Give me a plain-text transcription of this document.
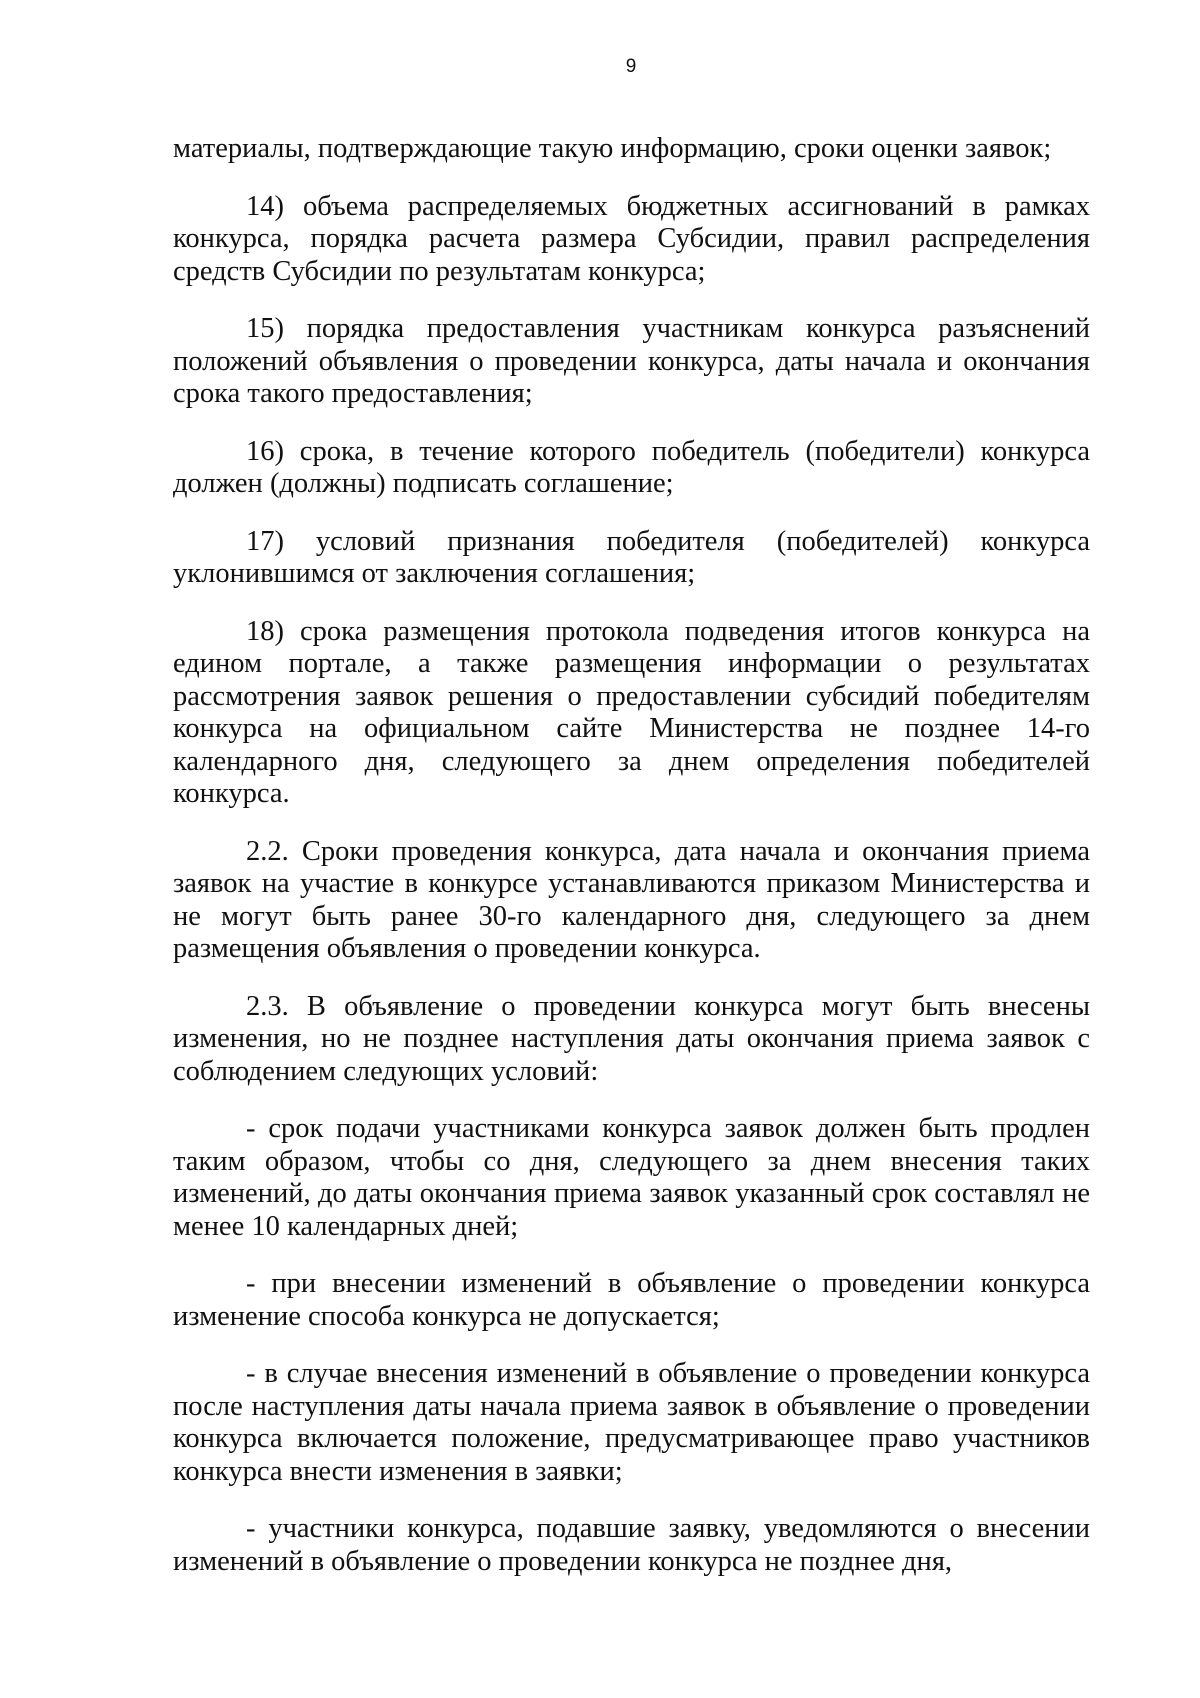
9

материалы, подтверждающие такую информацию, сроки оценки заявок;

14) объема распределяемых бюджетных ассигнований в рамках конкурса, порядка расчета размера Субсидии, правил распределения средств Субсидии по результатам конкурса;

15) порядка предоставления участникам конкурса разъяснений положений объявления о проведении конкурса, даты начала и окончания срока такого предоставления;

16) срока, в течение которого победитель (победители) конкурса должен (должны) подписать соглашение;

17) условий признания победителя (победителей) конкурса уклонившимся от заключения соглашения;

18) срока размещения протокола подведения итогов конкурса на едином портале, а также размещения информации о результатах рассмотрения заявок решения о предоставлении субсидий победителям конкурса на официальном сайте Министерства не позднее 14-го календарного дня, следующего за днем определения победителей конкурса.

2.2. Сроки проведения конкурса, дата начала и окончания приема заявок на участие в конкурсе устанавливаются приказом Министерства и не могут быть ранее 30-го календарного дня, следующего за днем размещения объявления о проведении конкурса.

2.3. В объявление о проведении конкурса могут быть внесены изменения, но не позднее наступления даты окончания приема заявок с соблюдением следующих условий:

- срок подачи участниками конкурса заявок должен быть продлен таким образом, чтобы со дня, следующего за днем внесения таких изменений, до даты окончания приема заявок указанный срок составлял не менее 10 календарных дней;

- при внесении изменений в объявление о проведении конкурса изменение способа конкурса не допускается;

- в случае внесения изменений в объявление о проведении конкурса после наступления даты начала приема заявок в объявление о проведении конкурса включается положение, предусматривающее право участников конкурса внести изменения в заявки;

- участники конкурса, подавшие заявку, уведомляются о внесении изменений в объявление о проведении конкурса не позднее дня,
